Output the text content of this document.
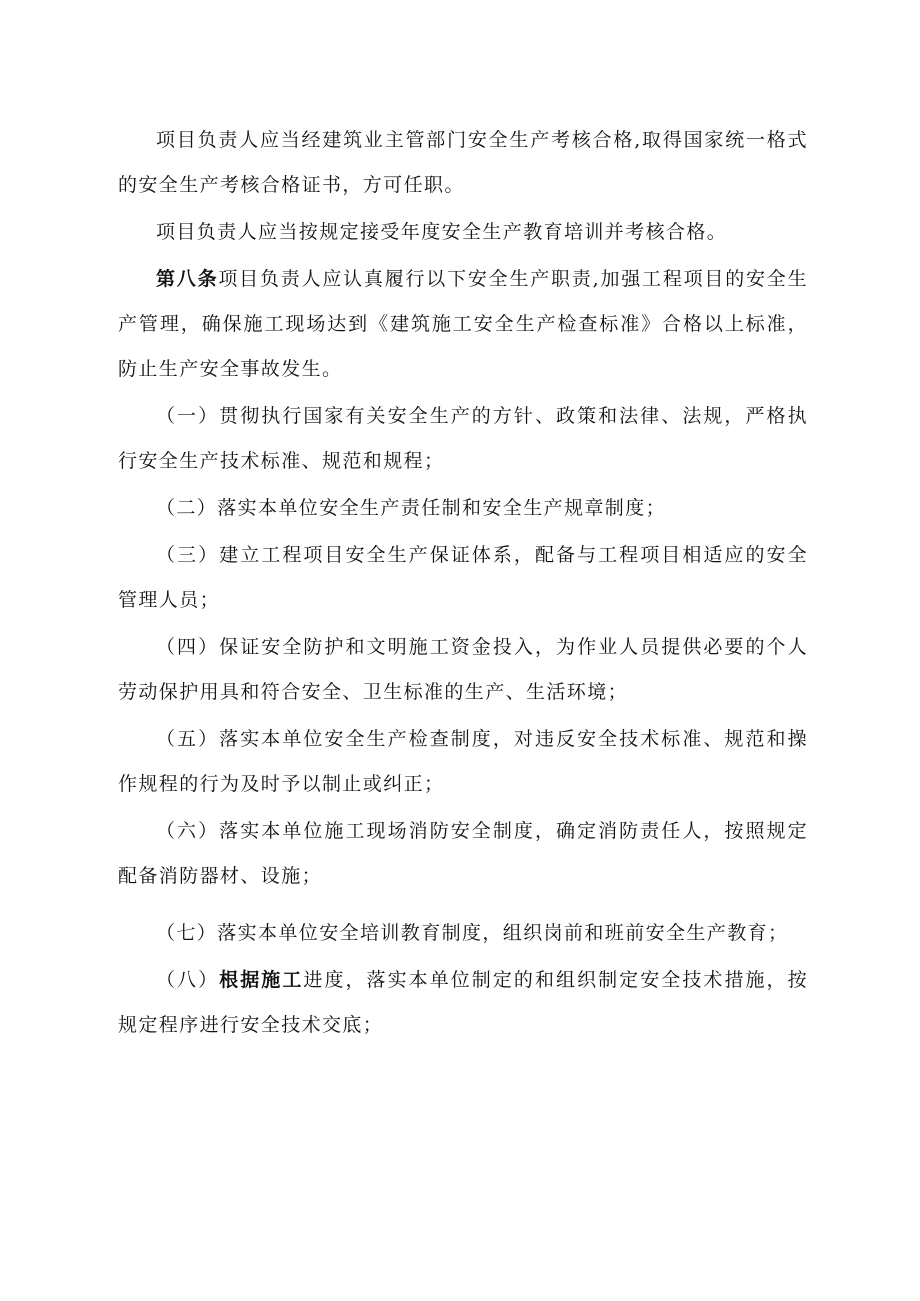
项目负责人应当经建筑业主管部门安全生产考核合格,取得国家统一格式的安全生产考核合格证书，方可任职。

项目负责人应当按规定接受年度安全生产教育培训并考核合格。

第八条项目负责人应认真履行以下安全生产职责,加强工程项目的安全生产管理，确保施工现场达到《建筑施工安全生产检查标准》合格以上标准，防止生产安全事故发生。

（一）贯彻执行国家有关安全生产的方针、政策和法律、法规，严格执行安全生产技术标准、规范和规程；

（二）落实本单位安全生产责任制和安全生产规章制度；

（三）建立工程项目安全生产保证体系，配备与工程项目相适应的安全管理人员；

（四）保证安全防护和文明施工资金投入，为作业人员提供必要的个人劳动保护用具和符合安全、卫生标准的生产、生活环境；

（五）落实本单位安全生产检查制度，对违反安全技术标准、规范和操作规程的行为及时予以制止或纠正；

（六）落实本单位施工现场消防安全制度，确定消防责任人，按照规定配备消防器材、设施；

（七）落实本单位安全培训教育制度，组织岗前和班前安全生产教育；

（八）根据施工进度，落实本单位制定的和组织制定安全技术措施，按规定程序进行安全技术交底；
